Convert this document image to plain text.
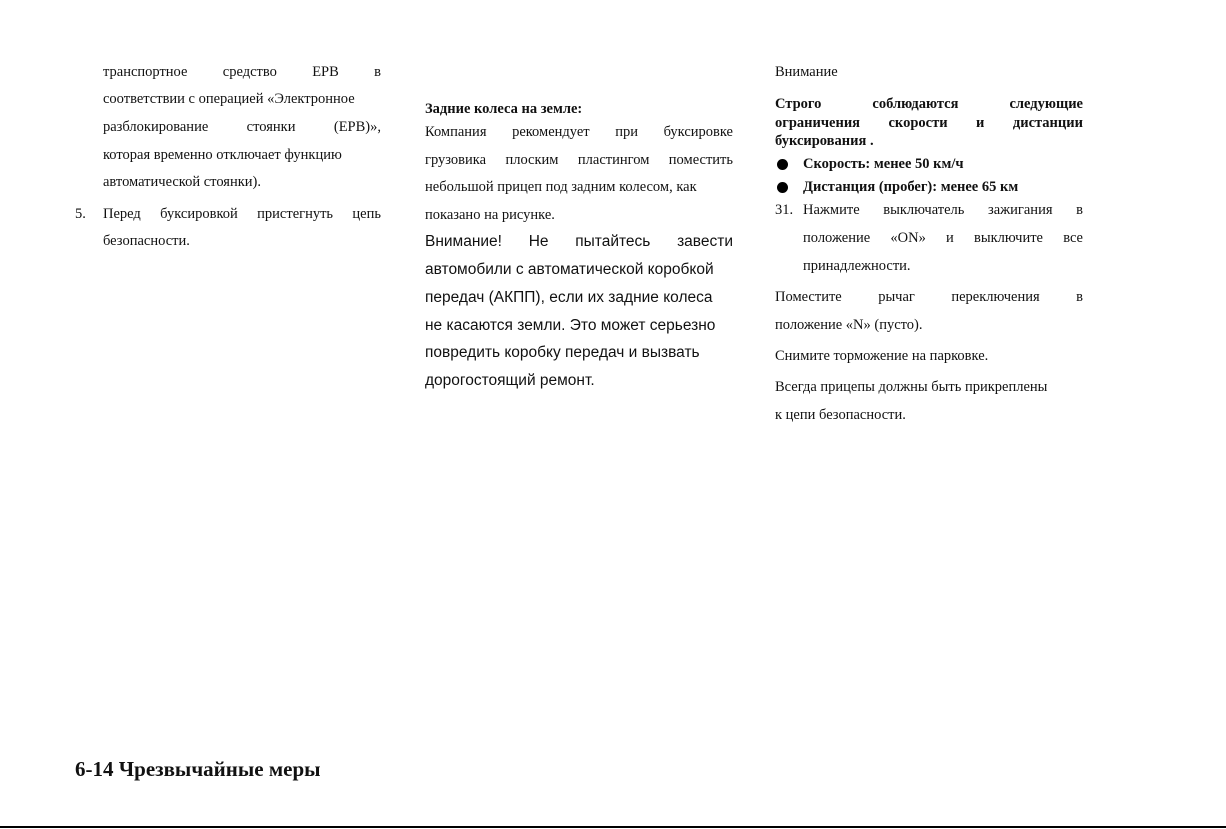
транспортное средство EPB в
соответствии с операцией «Электронное
разблокирование	стоянки	(EPB)»,
которая временно отключает функцию
автоматической стоянки).
5. Перед буксировкой пристегнуть цепь
безопасности.
Задние колеса на земле:
Компания рекомендует при буксировке
грузовика плоским пластингом поместить
небольшой прицеп под задним колесом, как
показано на рисунке.
Внимание! Не пытайтесь завести
автомобили с автоматической коробкой
передач (АКПП), если их задние колеса
не касаются земли. Это может серьезно
повредить коробку передач и вызвать
дорогостоящий ремонт.
Внимание
Строго	соблюдаются	следующие
ограничения скорости и дистанции
буксирования .
Скорость: менее 50 км/ч
Дистанция (пробег): менее 65 км
31. Нажмите выключатель зажигания в
положение «ON» и выключите все
принадлежности.
Поместите	рычаг	переключения	в
положение «N» (пусто).
Снимите торможение на парковке.
Всегда прицепы должны быть прикреплены
к цепи безопасности.
6-14 Чрезвычайные меры
